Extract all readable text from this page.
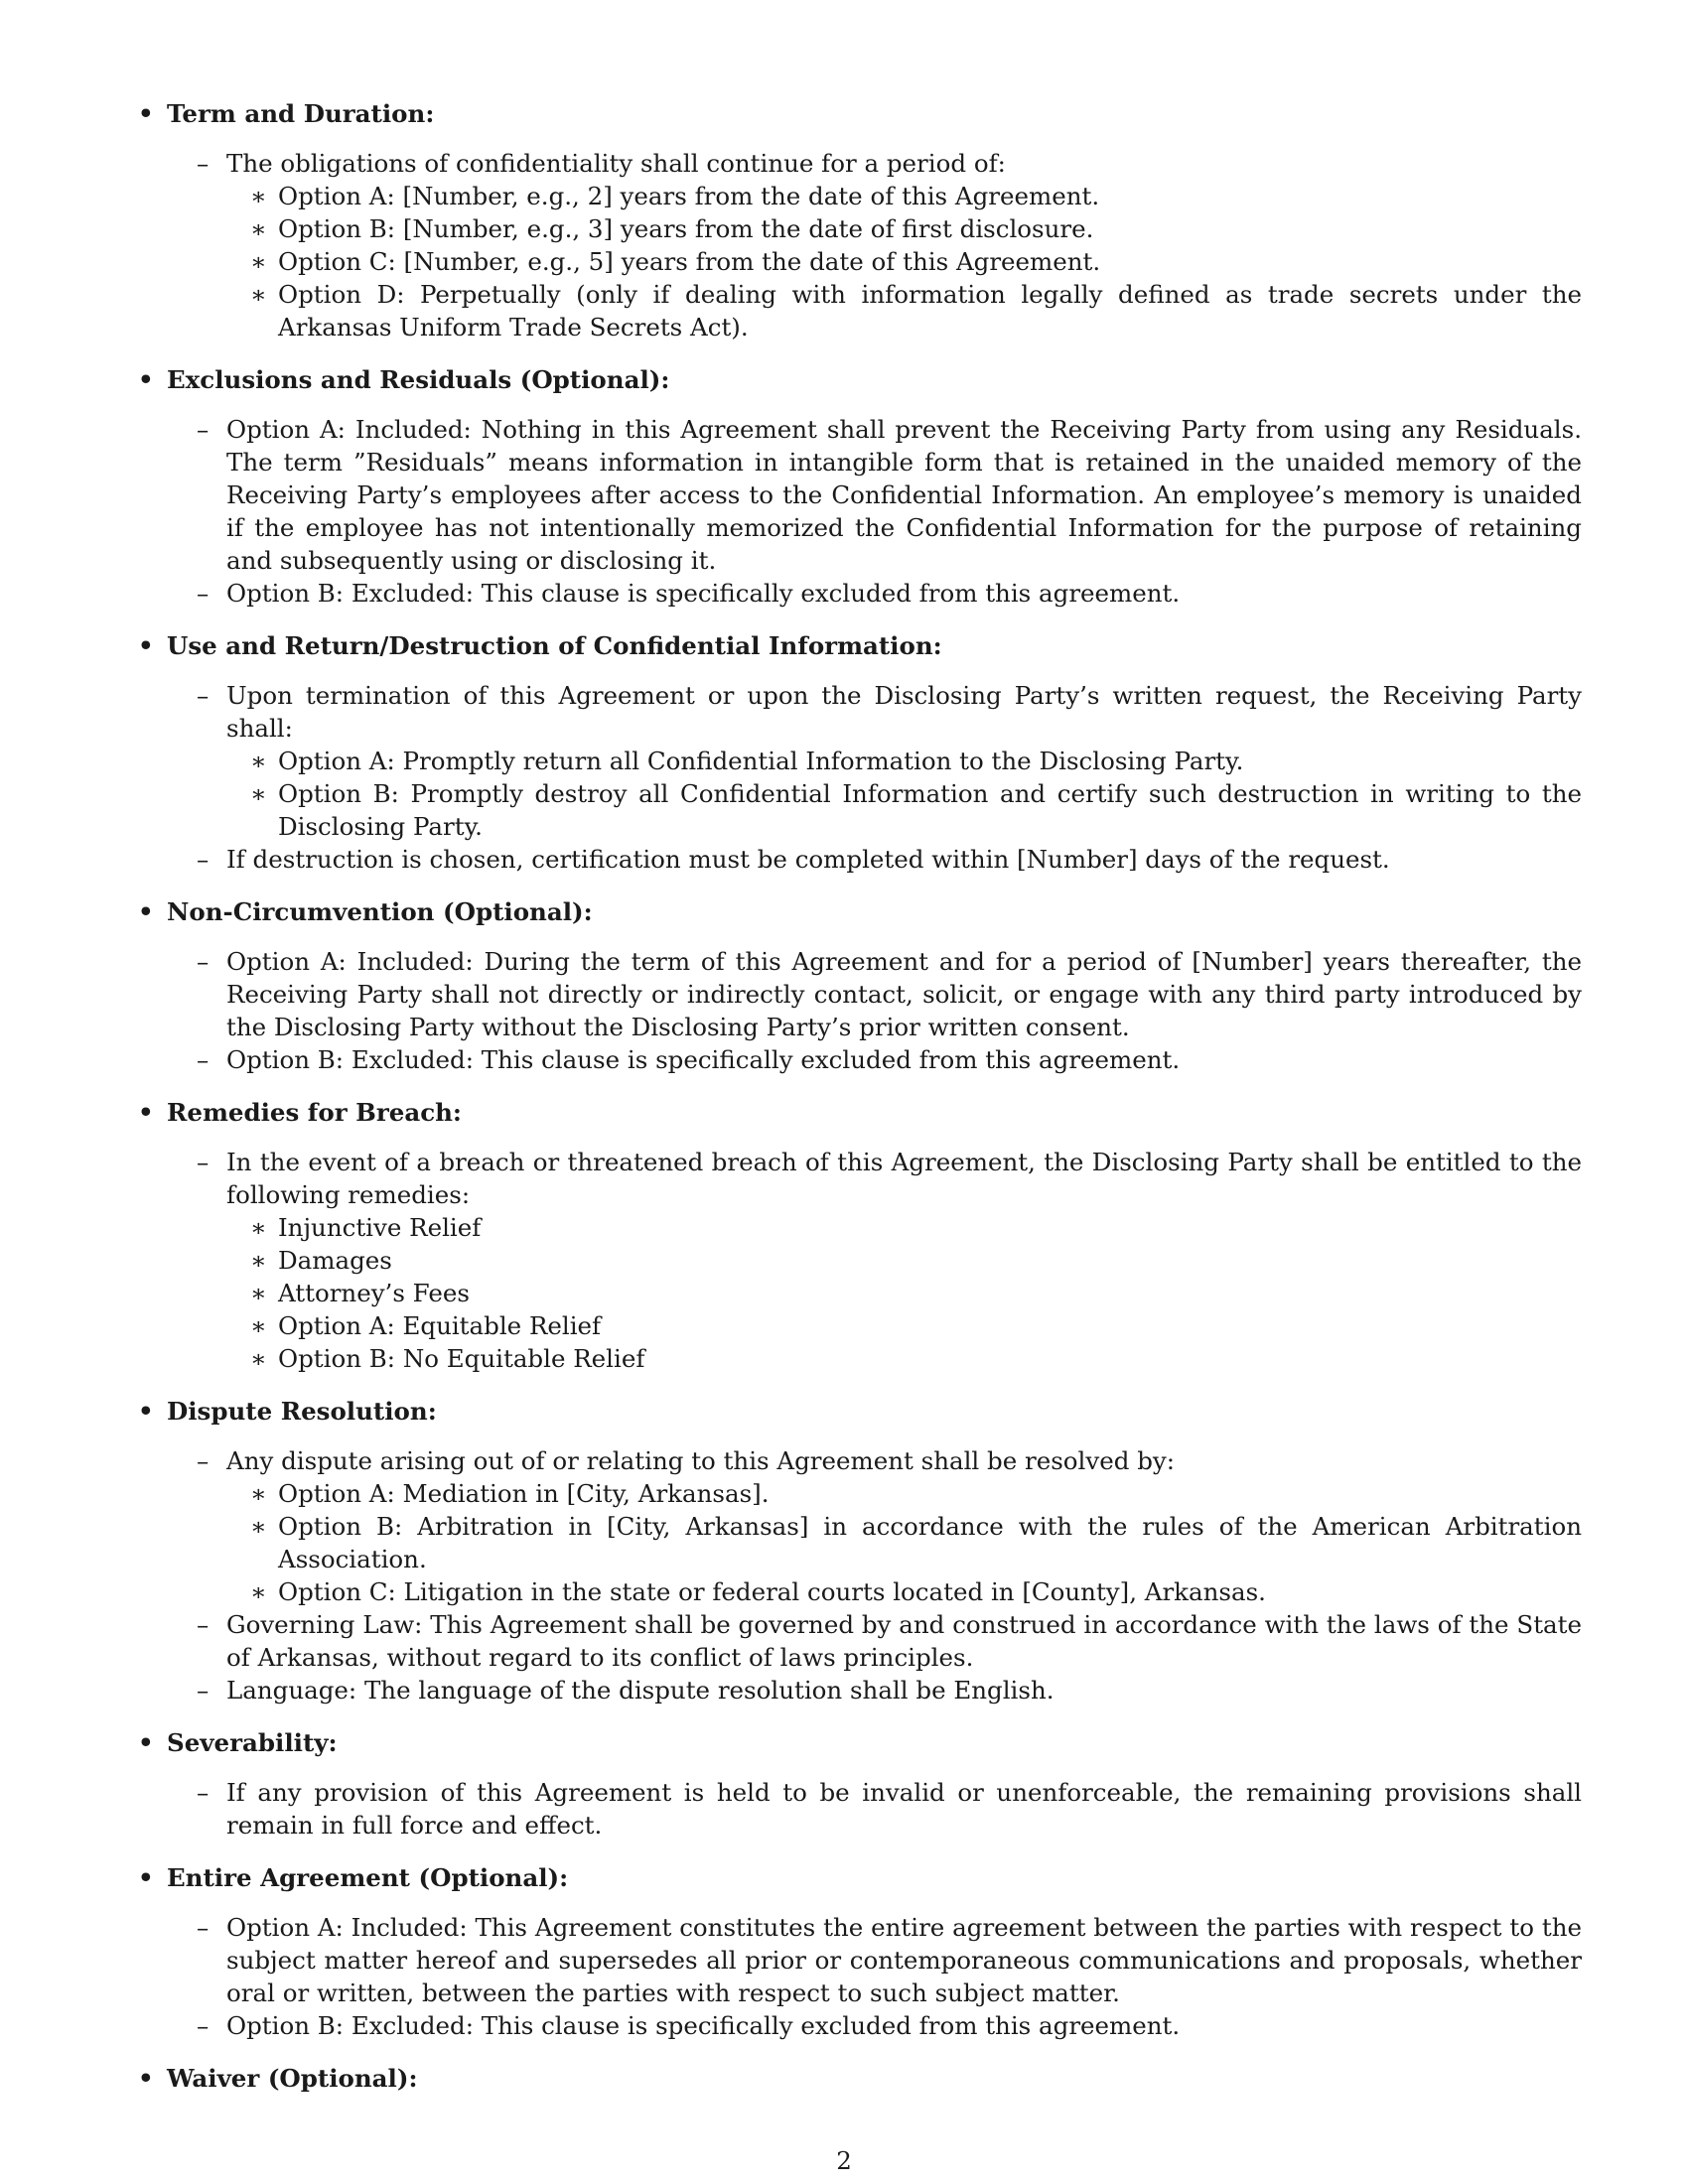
• Term and Duration:
– The obligations of confidentiality shall continue for a period of:
∗ Option A: [Number, e.g., 2] years from the date of this Agreement.
∗ Option B: [Number, e.g., 3] years from the date of first disclosure.
∗ Option C: [Number, e.g., 5] years from the date of this Agreement.
∗ Option D: Perpetually (only if dealing with information legally defined as trade secrets under the Arkansas Uniform Trade Secrets Act).
• Exclusions and Residuals (Optional):
– Option A: Included: Nothing in this Agreement shall prevent the Receiving Party from using any Residuals. The term ”Residuals” means information in intangible form that is retained in the unaided memory of the Receiving Party’s employees after access to the Confidential Information. An employee’s memory is unaided if the employee has not intentionally memorized the Confidential Information for the purpose of retaining and subsequently using or disclosing it.
– Option B: Excluded: This clause is specifically excluded from this agreement.
• Use and Return/Destruction of Confidential Information:
– Upon termination of this Agreement or upon the Disclosing Party’s written request, the Receiving Party shall:
∗ Option A: Promptly return all Confidential Information to the Disclosing Party.
∗ Option B: Promptly destroy all Confidential Information and certify such destruction in writing to the Disclosing Party.
– If destruction is chosen, certification must be completed within [Number] days of the request.
• Non-Circumvention (Optional):
– Option A: Included: During the term of this Agreement and for a period of [Number] years thereafter, the Receiving Party shall not directly or indirectly contact, solicit, or engage with any third party introduced by the Disclosing Party without the Disclosing Party’s prior written consent.
– Option B: Excluded: This clause is specifically excluded from this agreement.
• Remedies for Breach:
– In the event of a breach or threatened breach of this Agreement, the Disclosing Party shall be entitled to the following remedies:
∗ Injunctive Relief
∗ Damages
∗ Attorney’s Fees
∗ Option A: Equitable Relief
∗ Option B: No Equitable Relief
• Dispute Resolution:
– Any dispute arising out of or relating to this Agreement shall be resolved by:
∗ Option A: Mediation in [City, Arkansas].
∗ Option B: Arbitration in [City, Arkansas] in accordance with the rules of the American Arbitration Association.
∗ Option C: Litigation in the state or federal courts located in [County], Arkansas.
– Governing Law: This Agreement shall be governed by and construed in accordance with the laws of the State of Arkansas, without regard to its conflict of laws principles.
– Language: The language of the dispute resolution shall be English.
• Severability:
– If any provision of this Agreement is held to be invalid or unenforceable, the remaining provisions shall remain in full force and effect.
• Entire Agreement (Optional):
– Option A: Included: This Agreement constitutes the entire agreement between the parties with respect to the subject matter hereof and supersedes all prior or contemporaneous communications and proposals, whether oral or written, between the parties with respect to such subject matter.
– Option B: Excluded: This clause is specifically excluded from this agreement.
• Waiver (Optional):
2
